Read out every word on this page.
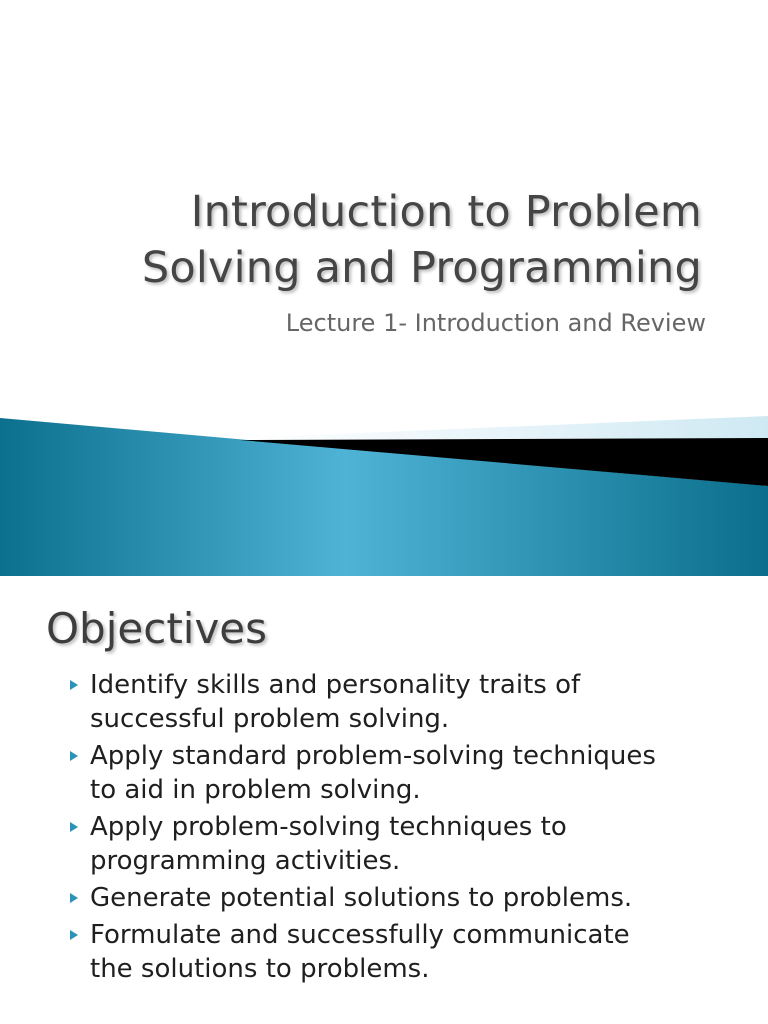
Introduction to Problem
Solving and Programming
Lecture 1- Introduction and Review
Objectives
Identify skills and personality traits of
successful problem solving.
Apply standard problem-solving techniques
to aid in problem solving.
Apply problem-solving techniques to
programming activities.
Generate potential solutions to problems.
Formulate and successfully communicate
the solutions to problems.
